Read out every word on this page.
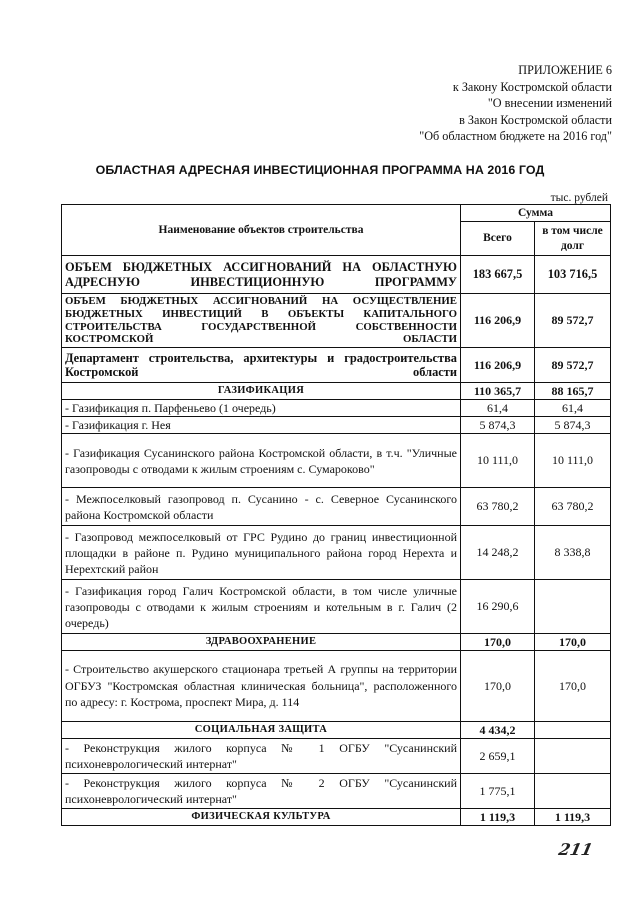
ПРИЛОЖЕНИЕ 6
к Закону Костромской области
"О внесении изменений
в Закон Костромской области
"Об областном бюджете на 2016 год"
ОБЛАСТНАЯ АДРЕСНАЯ ИНВЕСТИЦИОННАЯ ПРОГРАММА НА 2016 ГОД
тыс. рублей
Наименование объектов строительства	Сумма	
	Всего	в том числе долг
ОБЪЕМ БЮДЖЕТНЫХ АССИГНОВАНИЙ НА ОБЛАСТНУЮ АДРЕСНУЮ ИНВЕСТИЦИОННУЮ ПРОГРАММУ	183 667,5	103 716,5
ОБЪЕМ БЮДЖЕТНЫХ АССИГНОВАНИЙ НА ОСУЩЕСТВЛЕНИЕ БЮДЖЕТНЫХ ИНВЕСТИЦИЙ В ОБЪЕКТЫ КАПИТАЛЬНОГО СТРОИТЕЛЬСТВА ГОСУДАРСТВЕННОЙ СОБСТВЕННОСТИ КОСТРОМСКОЙ ОБЛАСТИ	116 206,9	89 572,7
Департамент строительства, архитектуры и градостроительства Костромской области	116 206,9	89 572,7
ГАЗИФИКАЦИЯ	110 365,7	88 165,7
- Газификация п. Парфеньево (1 очередь)	61,4	61,4
- Газификация г. Нея	5 874,3	5 874,3
- Газификация Сусанинского района Костромской области, в т.ч. "Уличные газопроводы с отводами к жилым строениям с. Сумароково"	10 111,0	10 111,0
- Межпоселковый газопровод п. Сусанино - с. Северное Сусанинского района Костромской области	63 780,2	63 780,2
- Газопровод межпоселковый от ГРС Рудино до границ инвестиционной площадки в районе п. Рудино муниципального района город Нерехта и Нерехтский район	14 248,2	8 338,8
- Газификация город Галич Костромской области, в том числе уличные газопроводы с отводами к жилым строениям и котельным в г. Галич (2 очередь)	16 290,6	
ЗДРАВООХРАНЕНИЕ	170,0	170,0
- Строительство акушерского стационара третьей А группы на территории ОГБУЗ "Костромская областная клиническая больница", расположенного по адресу: г. Кострома, проспект Мира, д. 114	170,0	170,0
СОЦИАЛЬНАЯ ЗАЩИТА	4 434,2	
- Реконструкция жилого корпуса № 1 ОГБУ "Сусанинский психоневрологический интернат"	2 659,1	
- Реконструкция жилого корпуса № 2 ОГБУ "Сусанинский психоневрологический интернат"	1 775,1	
ФИЗИЧЕСКАЯ КУЛЬТУРА	1 119,3	1 119,3
211
